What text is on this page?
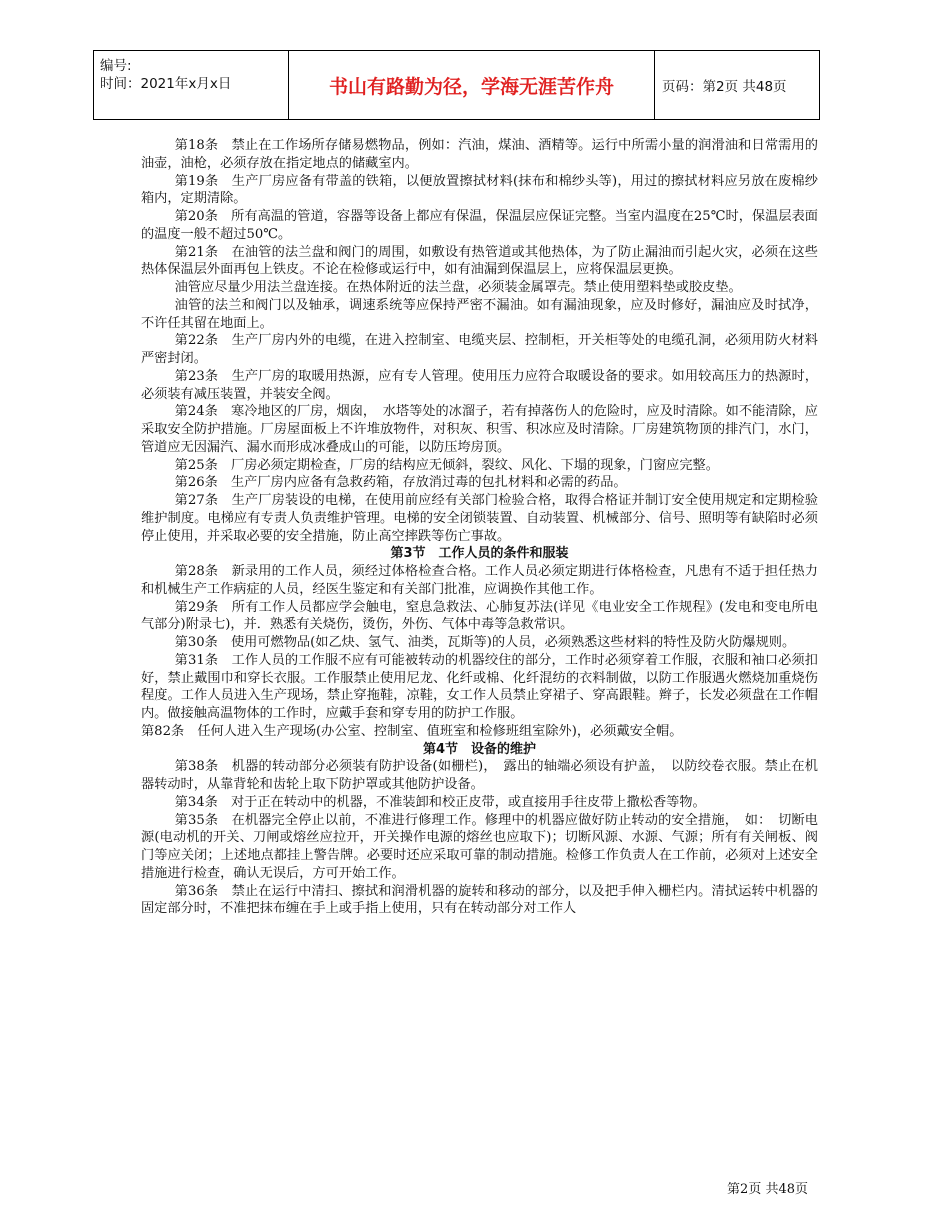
编号:
时间：2021年x月x日	书山有路勤为径，学海无涯苦作舟	页码：第2页 共48页

第18条　禁止在工作场所存储易燃物品，例如：汽油，煤油、酒精等。运行中所需小量的润滑油和日常需用的油壶，油枪，必须存放在指定地点的储藏室内。

第19条　生产厂房应备有带盖的铁箱，以便放置擦拭材料(抹布和棉纱头等)，用过的擦拭材料应另放在废棉纱箱内，定期清除。

第20条　所有高温的管道，容器等设备上都应有保温，保温层应保证完整。当室内温度在25℃时，保温层表面的温度一般不超过50℃。

第21条　在油管的法兰盘和阀门的周围，如敷设有热管道或其他热体，为了防止漏油而引起火灾，必须在这些热体保温层外面再包上铁皮。不论在检修或运行中，如有油漏到保温层上，应将保温层更换。

油管应尽量少用法兰盘连接。在热体附近的法兰盘，必须装金属罩壳。禁止使用塑料垫或胶皮垫。

油管的法兰和阀门以及轴承，调速系统等应保持严密不漏油。如有漏油现象，应及时修好，漏油应及时拭净，不许任其留在地面上。

第22条　生产厂房内外的电缆，在进入控制室、电缆夹层、控制柜，开关柜等处的电缆孔洞，必须用防火材料严密封闭。

第23条　生产厂房的取暖用热源，应有专人管理。使用压力应符合取暖设备的要求。如用较高压力的热源时，必须装有减压装置，并装安全阀。

第24条　寒冷地区的厂房，烟囱，　水塔等处的冰溜子，若有掉落伤人的危险时，应及时清除。如不能清除，应采取安全防护措施。厂房屋面板上不许堆放物件，对积灰、积雪、积冰应及时清除。厂房建筑物顶的排汽门，水门，管道应无因漏汽、漏水而形成冰叠成山的可能，以防压垮房顶。

第25条　厂房必须定期检查，厂房的结构应无倾斜，裂纹、风化、下塌的现象，门窗应完整。

第26条　生产厂房内应备有急救药箱，存放消过毒的包扎材料和必需的药品。

第27条　生产厂房装设的电梯，在使用前应经有关部门检验合格，取得合格证并制订安全使用规定和定期检验维护制度。电梯应有专责人负责维护管理。电梯的安全闭锁装置、自动装置、机械部分、信号、照明等有缺陷时必须停止使用，并采取必要的安全措施，防止高空摔跌等伤亡事故。

第3节　工作人员的条件和服装

第28条　新录用的工作人员，须经过体格检查合格。工作人员必须定期进行体格检查，凡患有不适于担任热力和机械生产工作病症的人员，经医生鉴定和有关部门批准，应调换作其他工作。

第29条　所有工作人员都应学会触电，窒息急救法、心肺复苏法(详见《电业安全工作规程》(发电和变电所电气部分)附录七)，并．熟悉有关烧伤，烫伤，外伤、气体中毒等急救常识。

第30条　使用可燃物品(如乙炔、氢气、油类，瓦斯等)的人员，必须熟悉这些材料的特性及防火防爆规则。

第31条　工作人员的工作服不应有可能被转动的机器绞住的部分，工作时必须穿着工作服，衣服和袖口必须扣好，禁止戴围巾和穿长衣服。工作服禁止使用尼龙、化纤或棉、化纤混纺的衣料制做，以防工作服遇火燃烧加重烧伤程度。工作人员进入生产现场，禁止穿拖鞋，凉鞋，女工作人员禁止穿裙子、穿高跟鞋。辫子，长发必须盘在工作帽内。做接触高温物体的工作时，应戴手套和穿专用的防护工作服。

第82条　任何人进入生产现场(办公室、控制室、值班室和检修班组室除外)，必须戴安全帽。

第4节　设备的维护

第38条　机器的转动部分必须装有防护设备(如栅栏)，　露出的轴端必须设有护盖，　以防绞卷衣服。禁止在机器转动时，从靠背轮和齿轮上取下防护罩或其他防护设备。

第34条　对于正在转动中的机器，不准装卸和校正皮带，或直接用手往皮带上撒松香等物。

第35条　在机器完全停止以前，不准进行修理工作。修理中的机器应做好防止转动的安全措施，　如：　切断电源(电动机的开关、刀闸或熔丝应拉开，开关操作电源的熔丝也应取下)；切断风源、水源、气源；所有有关闸板、阀门等应关闭；上述地点都挂上警告牌。必要时还应采取可靠的制动措施。检修工作负责人在工作前，必须对上述安全措施进行检查，确认无误后，方可开始工作。

第36条　禁止在运行中清扫、擦拭和润滑机器的旋转和移动的部分，以及把手伸入栅栏内。清拭运转中机器的固定部分时，不准把抹布缠在手上或手指上使用，只有在转动部分对工作人

第2页 共48页
